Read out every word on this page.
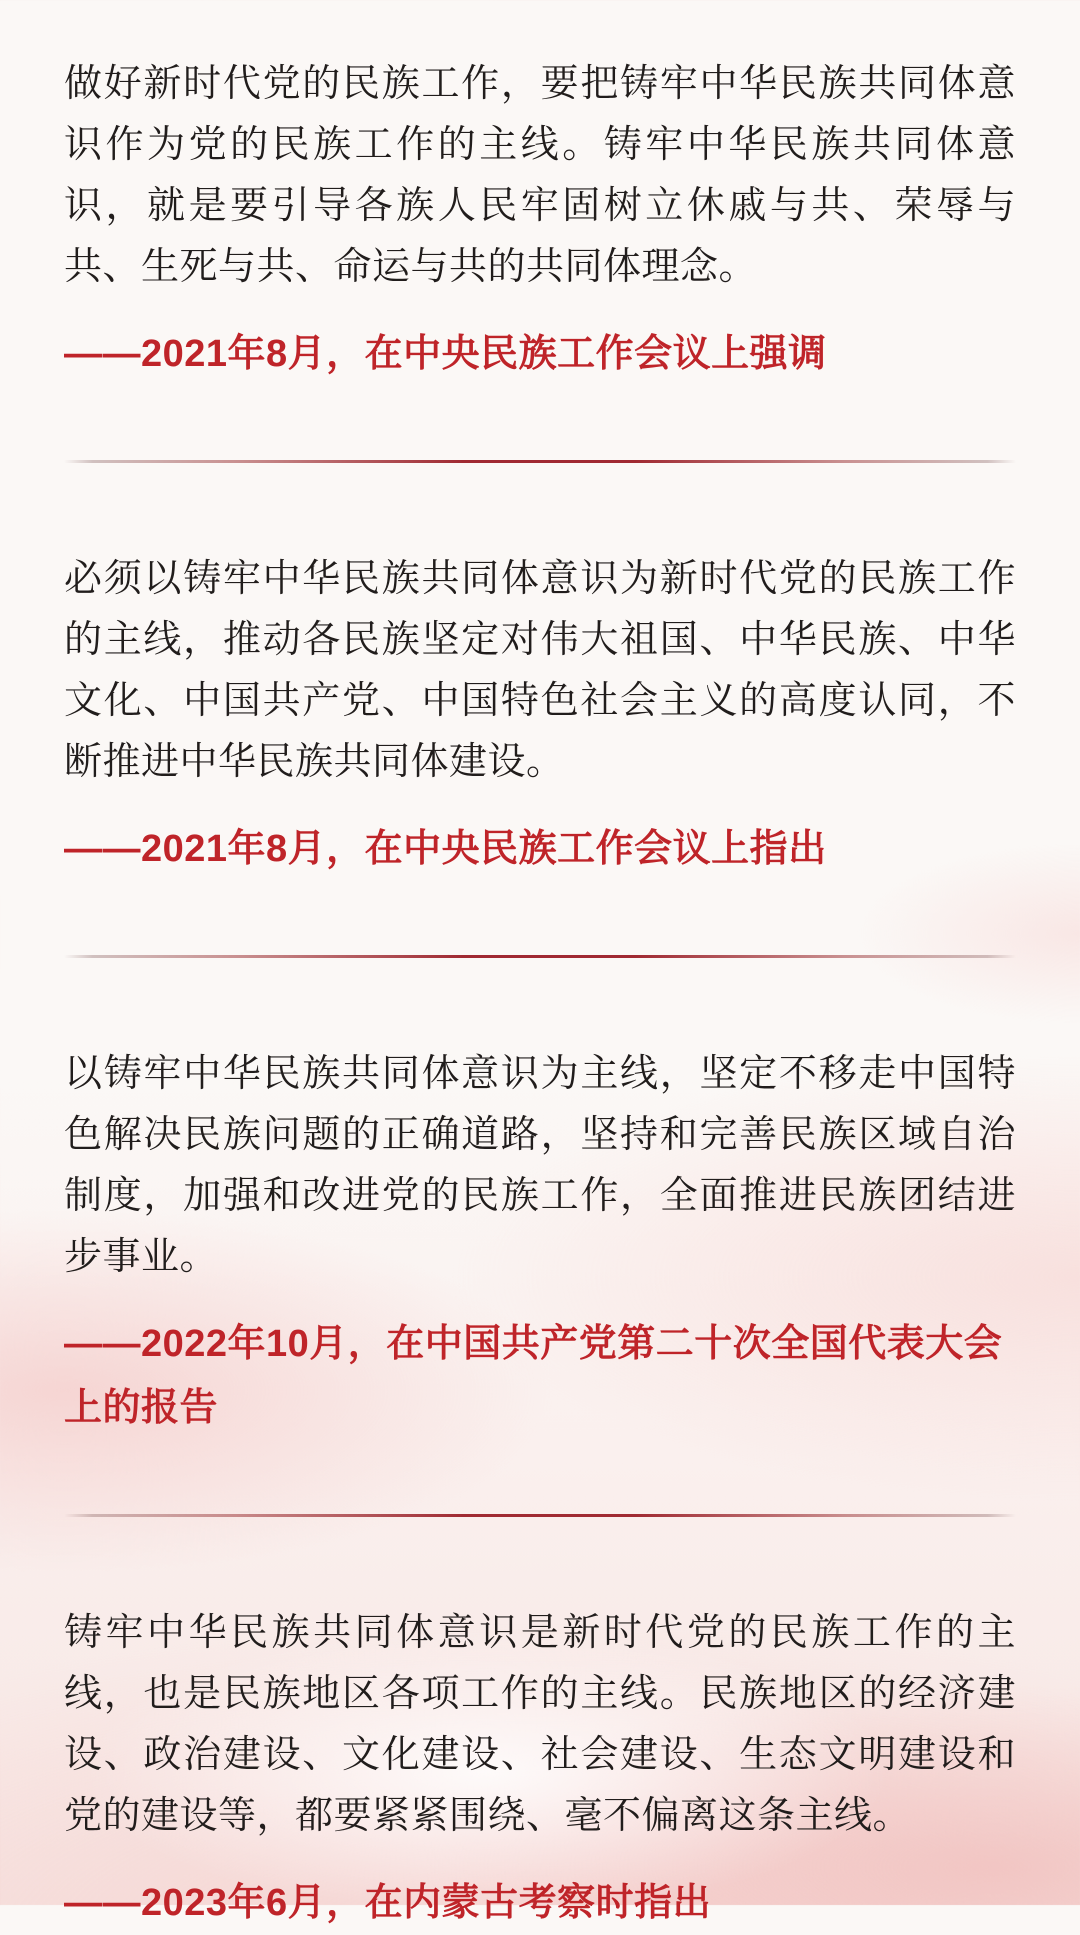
做好新时代党的民族工作，要把铸牢中华民族共同体意识作为党的民族工作的主线。铸牢中华民族共同体意识，就是要引导各族人民牢固树立休戚与共、荣辱与共、生死与共、命运与共的共同体理念。

——2021年8月，在中央民族工作会议上强调

必须以铸牢中华民族共同体意识为新时代党的民族工作的主线，推动各民族坚定对伟大祖国、中华民族、中华文化、中国共产党、中国特色社会主义的高度认同，不断推进中华民族共同体建设。

——2021年8月，在中央民族工作会议上指出

以铸牢中华民族共同体意识为主线，坚定不移走中国特色解决民族问题的正确道路，坚持和完善民族区域自治制度，加强和改进党的民族工作，全面推进民族团结进步事业。

——2022年10月，在中国共产党第二十次全国代表大会上的报告

铸牢中华民族共同体意识是新时代党的民族工作的主线，也是民族地区各项工作的主线。民族地区的经济建设、政治建设、文化建设、社会建设、生态文明建设和党的建设等，都要紧紧围绕、毫不偏离这条主线。

——2023年6月，在内蒙古考察时指出
